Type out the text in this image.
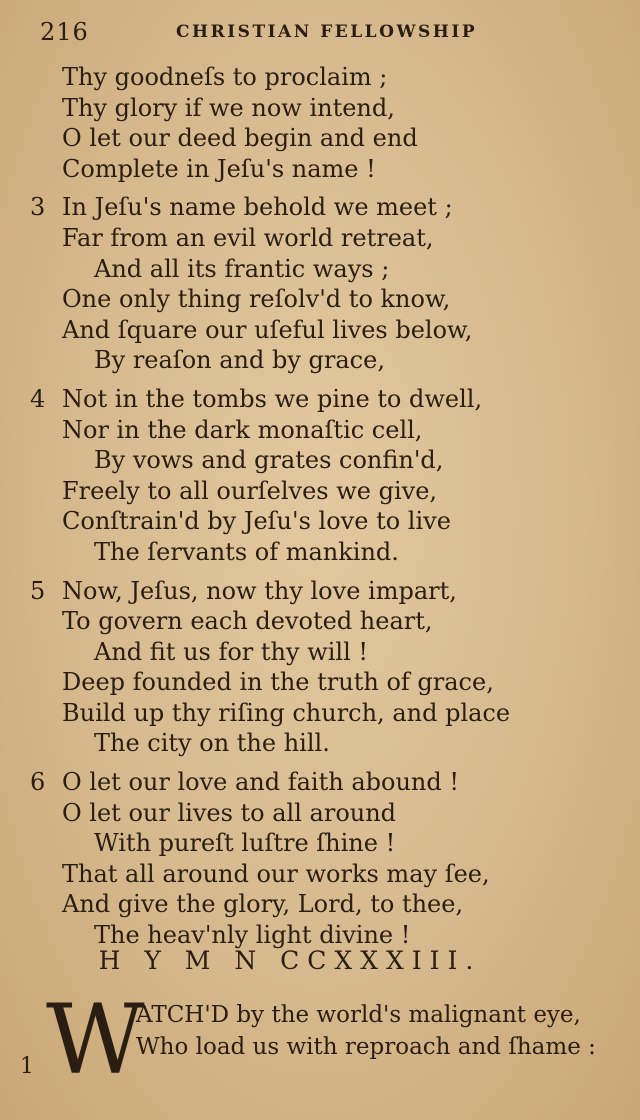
216	CHRISTIAN FELLOWSHIP
Thy goodneſs to proclaim ;
Thy glory if we now intend,
O let our deed begin and end
Complete in Jeſu's name !
3 In Jeſu's name behold we meet ;
Far from an evil world retreat,
And all its frantic ways ;
One only thing reſolv'd to know,
And ſquare our uſeful lives below,
By reaſon and by grace,
4 Not in the tombs we pine to dwell,
Nor in the dark monaſtic cell,
By vows and grates confin'd,
Freely to all ourſelves we give,
Conſtrain'd by Jeſu's love to live
The ſervants of mankind.
5 Now, Jeſus, now thy love impart,
To govern each devoted heart,
And fit us for thy will !
Deep founded in the truth of grace,
Build up thy riſing church, and place
The city on the hill.
6 O let our love and faith abound !
O let our lives to all around
With pureſt luſtre ſhine !
That all around our works may ſee,
And give the glory, Lord, to thee,
The heav'nly light divine !
H Y M N CCXXXIII.
W
ATCH'D by the world's malignant eye,
Who load us with reproach and ſhame :
1
